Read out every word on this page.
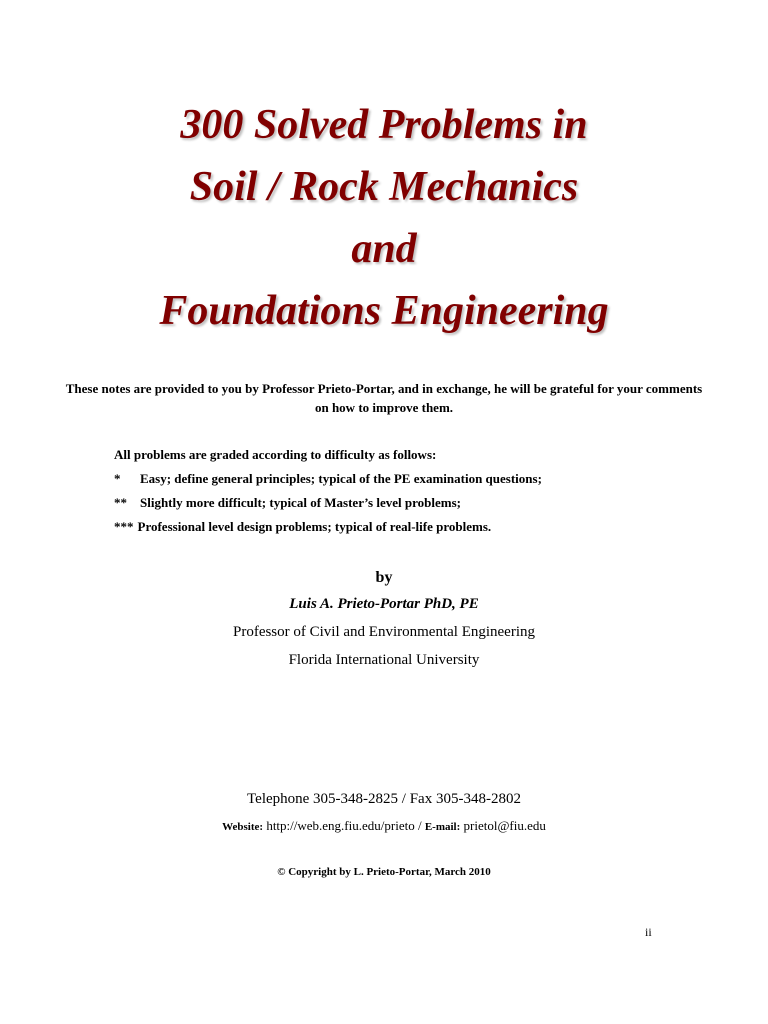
300 Solved Problems in
Soil / Rock Mechanics
and
Foundations Engineering
These notes are provided to you by Professor Prieto-Portar, and in exchange, he will be grateful for your comments on how to improve them.
All problems are graded according to difficulty as follows:
* Easy; define general principles; typical of the PE examination questions;
** Slightly more difficult; typical of Master’s level problems;
*** Professional level design problems; typical of real-life problems.
by
Luis A. Prieto-Portar PhD, PE
Professor of Civil and Environmental Engineering
Florida International University
Telephone 305-348-2825 / Fax 305-348-2802
Website: http://web.eng.fiu.edu/prieto / E-mail: prietol@fiu.edu
© Copyright by L. Prieto-Portar, March 2010
ii
